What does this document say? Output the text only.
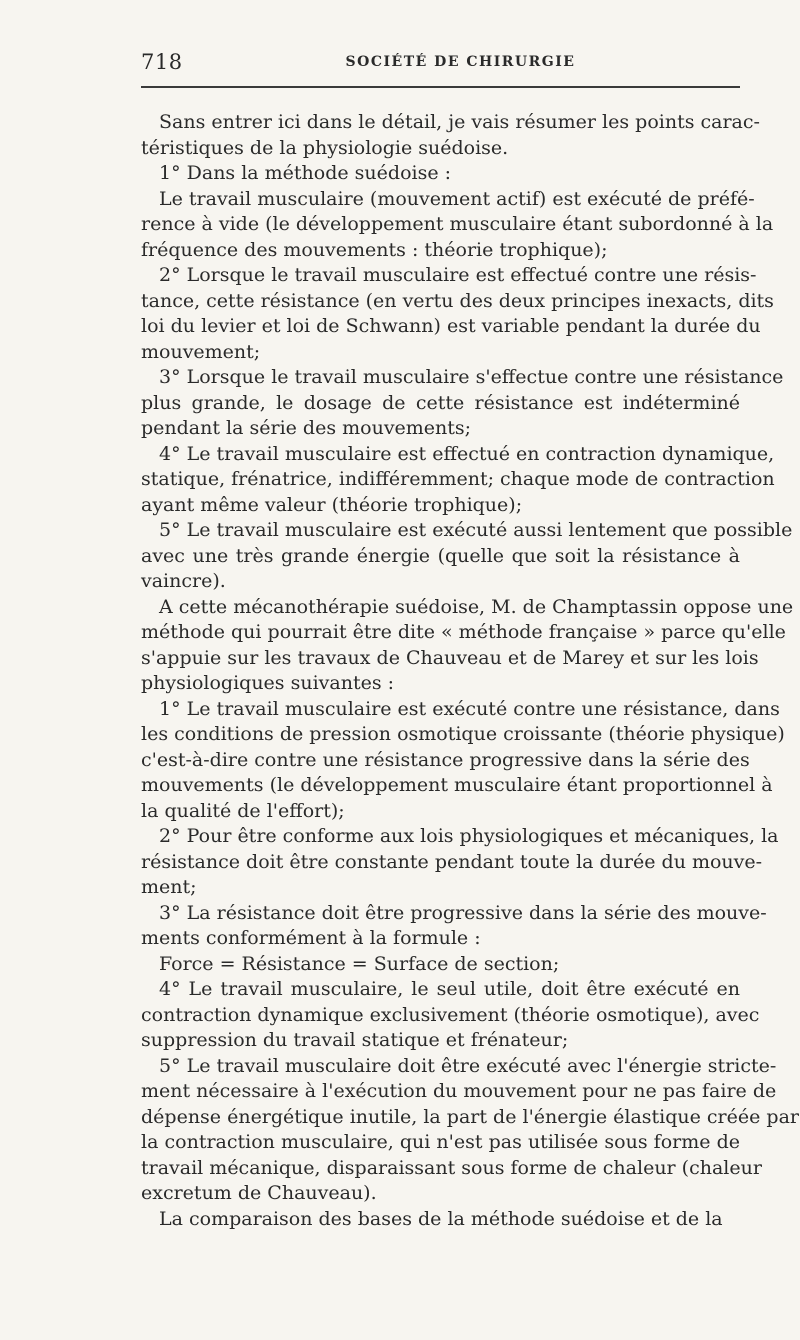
718	SOCIÉTÉ DE CHIRURGIE

Sans entrer ici dans le détail, je vais résumer les points carac-
téristiques de la physiologie suédoise.

1° Dans la méthode suédoise :

Le travail musculaire (mouvement actif) est exécuté de préfé-
rence à vide (le développement musculaire étant subordonné à la
fréquence des mouvements : théorie trophique);

2° Lorsque le travail musculaire est effectué contre une résis-
tance, cette résistance (en vertu des deux principes inexacts, dits
loi du levier et loi de Schwann) est variable pendant la durée du
mouvement;

3° Lorsque le travail musculaire s'effectue contre une résistance
plus grande, le dosage de cette résistance est indéterminé
pendant la série des mouvements;

4° Le travail musculaire est effectué en contraction dynamique,
statique, frénatrice, indifféremment; chaque mode de contraction
ayant même valeur (théorie trophique);

5° Le travail musculaire est exécuté aussi lentement que possible
avec une très grande énergie (quelle que soit la résistance à
vaincre).

A cette mécanothérapie suédoise, M. de Champtassin oppose une
méthode qui pourrait être dite « méthode française » parce qu'elle
s'appuie sur les travaux de Chauveau et de Marey et sur les lois
physiologiques suivantes :

1° Le travail musculaire est exécuté contre une résistance, dans
les conditions de pression osmotique croissante (théorie physique)
c'est-à-dire contre une résistance progressive dans la série des
mouvements (le développement musculaire étant proportionnel à
la qualité de l'effort);

2° Pour être conforme aux lois physiologiques et mécaniques, la
résistance doit être constante pendant toute la durée du mouve-
ment;

3° La résistance doit être progressive dans la série des mouve-
ments conformément à la formule :

Force = Résistance = Surface de section;

4° Le travail musculaire, le seul utile, doit être exécuté en
contraction dynamique exclusivement (théorie osmotique), avec
suppression du travail statique et frénateur;

5° Le travail musculaire doit être exécuté avec l'énergie stricte-
ment nécessaire à l'exécution du mouvement pour ne pas faire de
dépense énergétique inutile, la part de l'énergie élastique créée par
la contraction musculaire, qui n'est pas utilisée sous forme de
travail mécanique, disparaissant sous forme de chaleur (chaleur
excretum de Chauveau).

La comparaison des bases de la méthode suédoise et de la
